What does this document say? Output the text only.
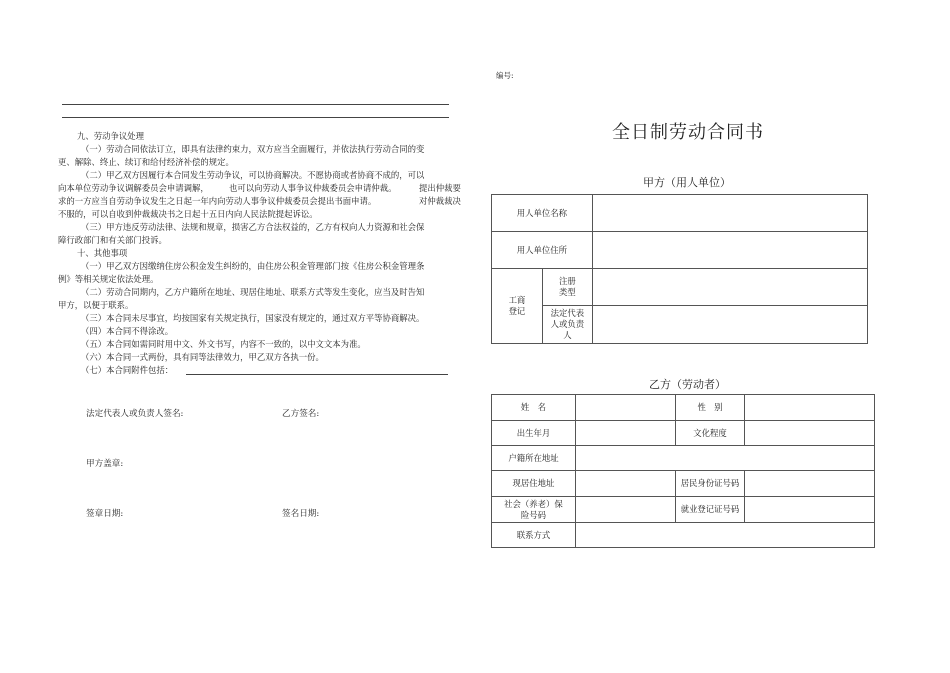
九、劳动争议处理
（一）劳动合同依法订立，即具有法律约束力，双方应当全面履行，并依法执行劳动合同的变
更、解除、终止、续订和给付经济补偿的规定。
（二）甲乙双方因履行本合同发生劳动争议，可以协商解决。不愿协商或者协商不成的，可以
向本单位劳动争议调解委员会申请调解， 也可以向劳动人事争议仲裁委员会申请仲裁。	提出仲裁要
求的一方应当自劳动争议发生之日起一年内向劳动人事争议仲裁委员会提出书面申请。	对仲裁裁决
不服的，可以自收到仲裁裁决书之日起十五日内向人民法院提起诉讼。
（三）甲方违反劳动法律、法规和规章，损害乙方合法权益的，乙方有权向人力资源和社会保
障行政部门和有关部门投诉。
十、其他事项
（一）甲乙双方因缴纳住房公积金发生纠纷的，由住房公积金管理部门按《住房公积金管理条
例》等相关规定依法处理。
（二）劳动合同期内，乙方户籍所在地址、现居住地址、联系方式等发生变化，应当及时告知
甲方，以便于联系。
（三）本合同未尽事宜，均按国家有关规定执行，国家没有规定的，通过双方平等协商解决。
（四）本合同不得涂改。
（五）本合同如需同时用中文、外文书写，内容不一致的，以中文文本为准。
（六）本合同一式两份，具有同等法律效力，甲乙双方各执一份。
（七）本合同附件包括：
法定代表人或负责人签名:	乙方签名:
甲方盖章:
签章日期:	签名日期:
编号:
全日制劳动合同书
甲方（用人单位）
用人单位名称		
用人单位住所		

工商登记	注册类型	

	法定代表人或负责人	

乙方（劳动者）
姓　名		性　别	
出生年月		文化程度	
户籍所在地址			
现居住地址		居民身份证号码	

社会（养老）保险号码		就业登记证号码	

联系方式			
